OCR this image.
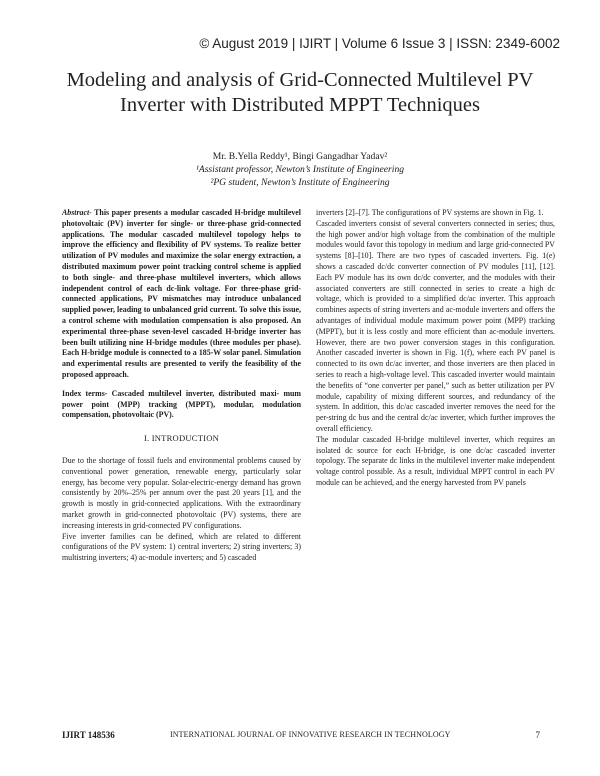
© August 2019 | IJIRT | Volume 6 Issue 3 | ISSN: 2349-6002
Modeling and analysis of Grid-Connected Multilevel PV Inverter with Distributed MPPT Techniques
Mr. B.Yella Reddy¹, Bingi Gangadhar Yadav²
¹Assistant professor, Newton’s Institute of Engineering
²PG student, Newton’s Institute of Engineering

Abstract- This paper presents a modular cascaded H-bridge multilevel photovoltaic (PV) inverter for single- or three-phase grid-connected applications. The modular cascaded multilevel topology helps to improve the efficiency and flexibility of PV systems. To realize better utilization of PV modules and maximize the solar energy extraction, a distributed maximum power point tracking control scheme is applied to both single- and three-phase multilevel inverters, which allows independent control of each dc-link voltage. For three-phase grid-connected applications, PV mismatches may introduce unbalanced supplied power, leading to unbalanced grid current. To solve this issue, a control scheme with modulation compensation is also proposed. An experimental three-phase seven-level cascaded H-bridge inverter has been built utilizing nine H-bridge modules (three modules per phase). Each H-bridge module is connected to a 185-W solar panel. Simulation and experimental results are presented to verify the feasibility of the proposed approach.

Index terms- Cascaded multilevel inverter, distributed maxi- mum power point (MPP) tracking (MPPT), modular, modulation compensation, photovoltaic (PV).

I. INTRODUCTION

Due to the shortage of fossil fuels and environmental problems caused by conventional power generation, renewable energy, particularly solar energy, has become very popular. Solar-electric-energy demand has grown consistently by 20%–25% per annum over the past 20 years [1], and the growth is mostly in grid-connected applications. With the extraordinary market growth in grid-connected photovoltaic (PV) systems, there are increasing interests in grid-connected PV configurations.

Five inverter families can be defined, which are related to different configurations of the PV system: 1) central inverters; 2) string inverters; 3) multistring inverters; 4) ac-module inverters; and 5) cascaded

inverters [2]–[7]. The configurations of PV systems are shown in Fig. 1.

Cascaded inverters consist of several converters connected in series; thus, the high power and/or high voltage from the combination of the multiple modules would favor this topology in medium and large grid-connected PV systems [8]–[10]. There are two types of cascaded inverters. Fig. 1(e) shows a cascaded dc/dc converter connection of PV modules [11], [12]. Each PV module has its own dc/dc converter, and the modules with their associated converters are still connected in series to create a high dc voltage, which is provided to a simplified dc/ac inverter. This approach combines aspects of string inverters and ac-module inverters and offers the advantages of individual module maximum power point (MPP) tracking (MPPT), but it is less costly and more efficient than ac-module inverters. However, there are two power conversion stages in this configuration. Another cascaded inverter is shown in Fig. 1(f), where each PV panel is connected to its own dc/ac inverter, and those inverters are then placed in series to reach a high-voltage level. This cascaded inverter would maintain the benefits of “one converter per panel,” such as better utilization per PV module, capability of mixing different sources, and redundancy of the system. In addition, this dc/ac cascaded inverter removes the need for the per-string dc bus and the central dc/ac inverter, which further improves the overall efficiency.

The modular cascaded H-bridge multilevel inverter, which requires an isolated dc source for each H-bridge, is one dc/ac cascaded inverter topology. The separate dc links in the multilevel inverter make independent voltage control possible. As a result, individual MPPT control in each PV module can be achieved, and the energy harvested from PV panels

IJIRT 148536	INTERNATIONAL JOURNAL OF INNOVATIVE RESEARCH IN TECHNOLOGY	7
